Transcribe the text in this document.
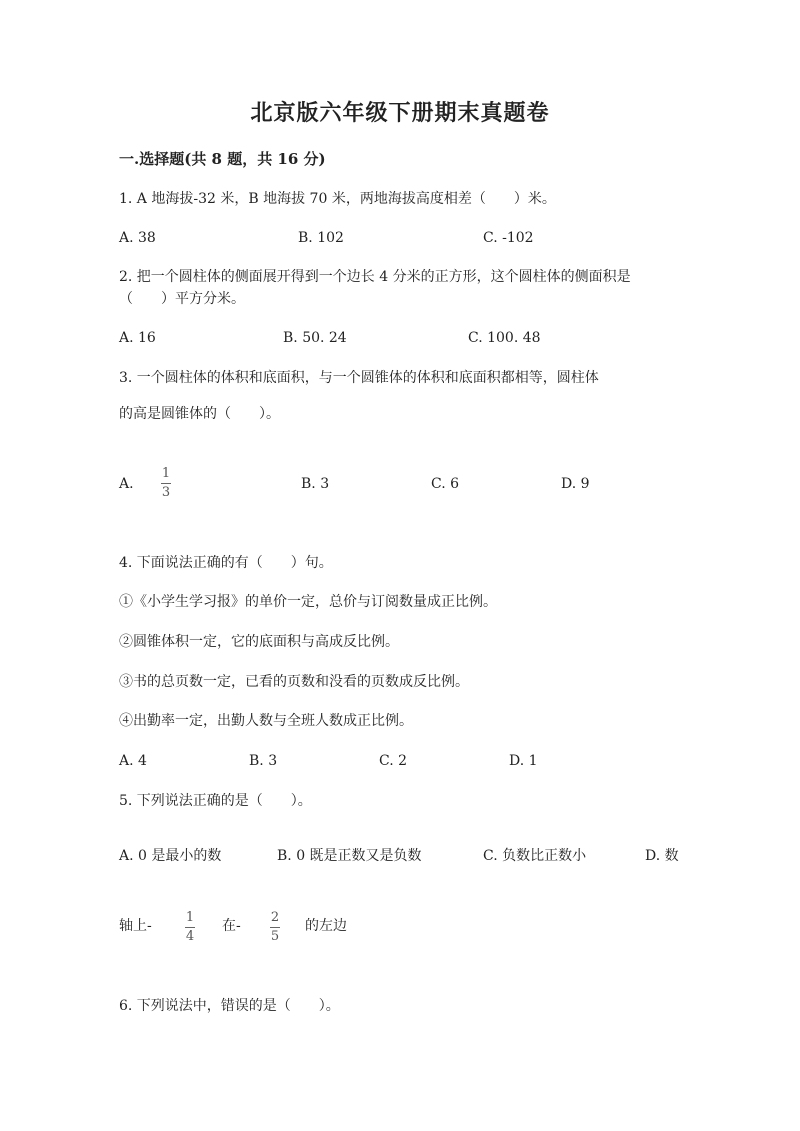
北京版六年级下册期末真题卷
一.选择题(共 8 题，共 16 分)
1. A 地海拔-32 米，B 地海拔 70 米，两地海拔高度相差（　　）米。
A. 38	B. 102	C. -102
2. 把一个圆柱体的侧面展开得到一个边长 4 分米的正方形，这个圆柱体的侧面积是（　　）平方分米。
A. 16	B. 50. 24	C. 100. 48
3. 一个圆柱体的体积和底面积，与一个圆锥体的体积和底面积都相等，圆柱体
的高是圆锥体的（　　）。
A.
1
3
B. 3	C. 6	D. 9
4. 下面说法正确的有（　　）句。
①《小学生学习报》的单价一定，总价与订阅数量成正比例。
②圆锥体积一定，它的底面积与高成反比例。
③书的总页数一定，已看的页数和没看的页数成反比例。
④出勤率一定，出勤人数与全班人数成正比例。
A. 4	B. 3	C. 2	D. 1
5. 下列说法正确的是（　　）。
A. 0 是最小的数	B. 0 既是正数又是负数	C. 负数比正数小	D. 数
轴上-
1
4
在-
2
5
的左边
6. 下列说法中，错误的是（　　）。
